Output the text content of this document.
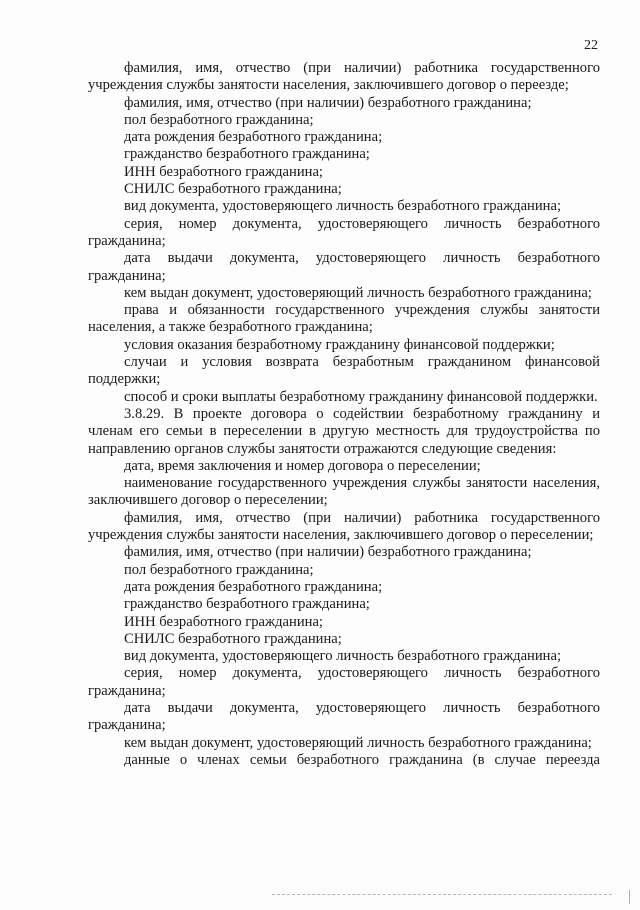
22

фамилия, имя, отчество (при наличии) работника государственного учреждения службы занятости населения, заключившего договор о переезде;

фамилия, имя, отчество (при наличии) безработного гражданина;

пол безработного гражданина;

дата рождения безработного гражданина;

гражданство безработного гражданина;

ИНН безработного гражданина;

СНИЛС безработного гражданина;

вид документа, удостоверяющего личность безработного гражданина;

серия, номер документа, удостоверяющего личность безработного гражданина;

дата выдачи документа, удостоверяющего личность безработного гражданина;

кем выдан документ, удостоверяющий личность безработного гражданина;

права и обязанности государственного учреждения службы занятости населения, а также безработного гражданина;

условия оказания безработному гражданину финансовой поддержки;

случаи и условия возврата безработным гражданином финансовой поддержки;

способ и сроки выплаты безработному гражданину финансовой поддержки.

3.8.29. В проекте договора о содействии безработному гражданину и членам его семьи в переселении в другую местность для трудоустройства по направлению органов службы занятости отражаются следующие сведения:

дата, время заключения и номер договора о переселении;

наименование государственного учреждения службы занятости населения, заключившего договор о переселении;

фамилия, имя, отчество (при наличии) работника государственного учреждения службы занятости населения, заключившего договор о переселении;

фамилия, имя, отчество (при наличии) безработного гражданина;

пол безработного гражданина;

дата рождения безработного гражданина;

гражданство безработного гражданина;

ИНН безработного гражданина;

СНИЛС безработного гражданина;

вид документа, удостоверяющего личность безработного гражданина;

серия, номер документа, удостоверяющего личность безработного гражданина;

дата выдачи документа, удостоверяющего личность безработного гражданина;

кем выдан документ, удостоверяющий личность безработного гражданина;

данные о членах семьи безработного гражданина (в случае переезда
